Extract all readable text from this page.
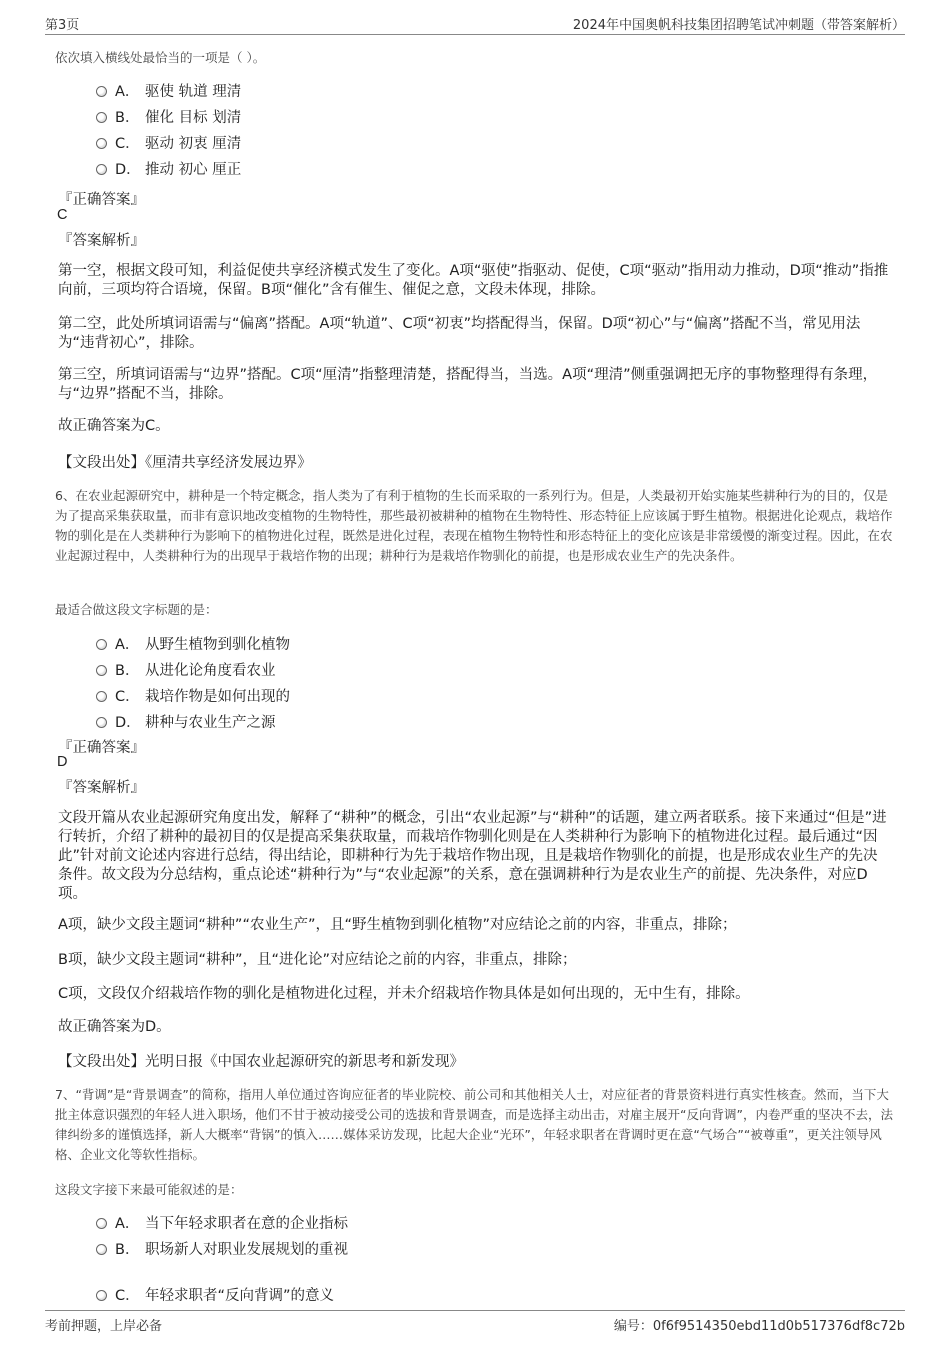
第3页	2024年中国奥帆科技集团招聘笔试冲刺题（带答案解析）
依次填入横线处最恰当的一项是（ ）。
A． 驱使 轨道 理清
B． 催化 目标 划清
C． 驱动 初衷 厘清
D． 推动 初心 厘正
『正确答案』
C
『答案解析』
第一空，根据文段可知，利益促使共享经济模式发生了变化。A项“驱使”指驱动、促使，C项“驱动”指用动力推动，D项“推动”指推向前，三项均符合语境，保留。B项“催化”含有催生、催促之意，文段未体现，排除。
第二空，此处所填词语需与“偏离”搭配。A项“轨道”、C项“初衷”均搭配得当，保留。D项“初心”与“偏离”搭配不当，常见用法为“违背初心”，排除。
第三空，所填词语需与“边界”搭配。C项“厘清”指整理清楚，搭配得当，当选。A项“理清”侧重强调把无序的事物整理得有条理，与“边界”搭配不当，排除。
故正确答案为C。
【文段出处】《厘清共享经济发展边界》
6、在农业起源研究中，耕种是一个特定概念，指人类为了有利于植物的生长而采取的一系列行为。但是，人类最初开始实施某些耕种行为的目的，仅是为了提高采集获取量，而非有意识地改变植物的生物特性，那些最初被耕种的植物在生物特性、形态特征上应该属于野生植物。根据进化论观点，栽培作物的驯化是在人类耕种行为影响下的植物进化过程，既然是进化过程，表现在植物生物特性和形态特征上的变化应该是非常缓慢的渐变过程。因此，在农业起源过程中，人类耕种行为的出现早于栽培作物的出现；耕种行为是栽培作物驯化的前提，也是形成农业生产的先决条件。
最适合做这段文字标题的是：
A． 从野生植物到驯化植物
B． 从进化论角度看农业
C． 栽培作物是如何出现的
D． 耕种与农业生产之源
『正确答案』
D
『答案解析』
文段开篇从农业起源研究角度出发，解释了“耕种”的概念，引出“农业起源”与“耕种”的话题，建立两者联系。接下来通过“但是”进行转折，介绍了耕种的最初目的仅是提高采集获取量，而栽培作物驯化则是在人类耕种行为影响下的植物进化过程。最后通过“因此”针对前文论述内容进行总结，得出结论，即耕种行为先于栽培作物出现，且是栽培作物驯化的前提，也是形成农业生产的先决条件。故文段为分总结构，重点论述“耕种行为”与“农业起源”的关系，意在强调耕种行为是农业生产的前提、先决条件，对应D项。
A项，缺少文段主题词“耕种”“农业生产”，且“野生植物到驯化植物”对应结论之前的内容，非重点，排除；
B项，缺少文段主题词“耕种”，且“进化论”对应结论之前的内容，非重点，排除；
C项，文段仅介绍栽培作物的驯化是植物进化过程，并未介绍栽培作物具体是如何出现的，无中生有，排除。
故正确答案为D。
【文段出处】光明日报《中国农业起源研究的新思考和新发现》
7、“背调”是“背景调查”的简称，指用人单位通过咨询应征者的毕业院校、前公司和其他相关人士，对应征者的背景资料进行真实性核查。然而，当下大批主体意识强烈的年轻人进入职场，他们不甘于被动接受公司的选拔和背景调查，而是选择主动出击，对雇主展开“反向背调”，内卷严重的坚决不去，法律纠纷多的谨慎选择，新人大概率“背锅”的慎入……媒体采访发现，比起大企业“光环”，年轻求职者在背调时更在意“气场合”“被尊重”，更关注领导风格、企业文化等软性指标。
这段文字接下来最可能叙述的是：
A． 当下年轻求职者在意的企业指标
B． 职场新人对职业发展规划的重视
C． 年轻求职者“反向背调”的意义
考前押题，上岸必备	编号：0f6f9514350ebd11d0b517376df8c72b
